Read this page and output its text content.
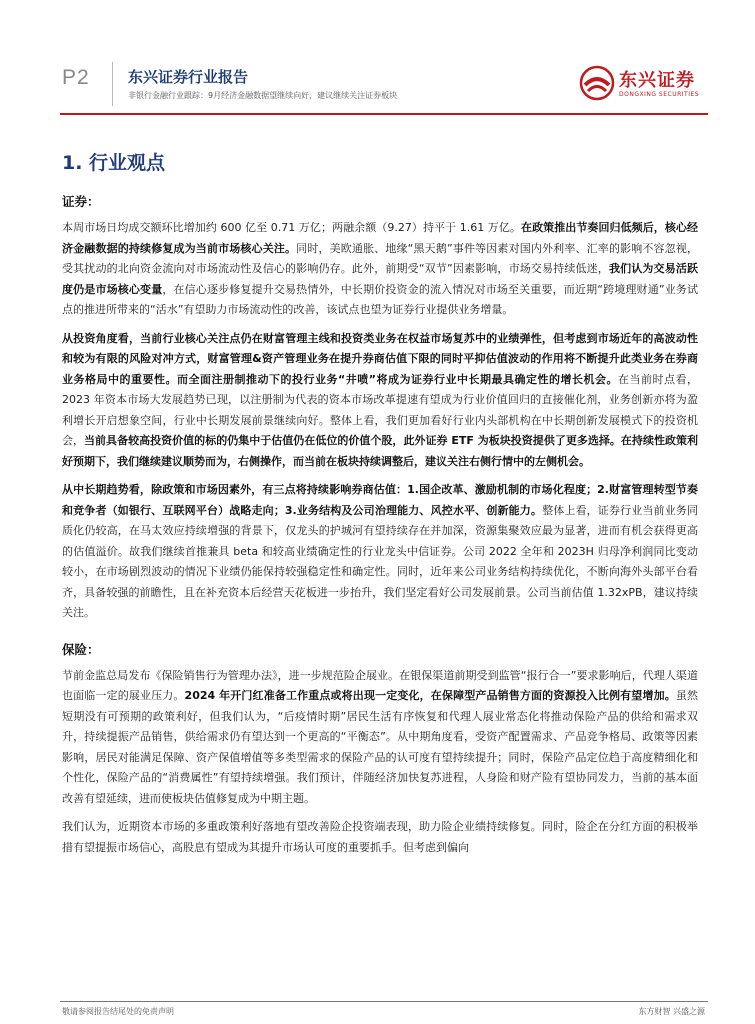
P2	东兴证券行业报告
非银行金融行业跟踪：9月经济金融数据望继续向好，建议继续关注证券板块
东兴证券
DONGXING SECURITIES
1. 行业观点
证券：

本周市场日均成交额环比增加约 600 亿至 0.71 万亿；两融余额（9.27）持平于 1.61 万亿。在政策推出节奏回归低频后，核心经济金融数据的持续修复成为当前市场核心关注。同时，美欧通胀、地缘“黑天鹅”事件等因素对国内外利率、汇率的影响不容忽视，受其扰动的北向资金流向对市场流动性及信心的影响仍存。此外，前期受“双节”因素影响，市场交易持续低迷，我们认为交易活跃度仍是市场核心变量，在信心逐步修复提升交易热情外，中长期价投资金的流入情况对市场至关重要，而近期“跨境理财通”业务试点的推进所带来的“活水”有望助力市场流动性的改善，该试点也望为证券行业提供业务增量。

从投资角度看，当前行业核心关注点仍在财富管理主线和投资类业务在权益市场复苏中的业绩弹性，但考虑到市场近年的高波动性和较为有限的风险对冲方式，财富管理&资产管理业务在提升券商估值下限的同时平抑估值波动的作用将不断提升此类业务在券商业务格局中的重要性。而全面注册制推动下的投行业务“井喷”将成为证券行业中长期最具确定性的增长机会。在当前时点看，2023 年资本市场大发展趋势已现，以注册制为代表的资本市场改革提速有望成为行业价值回归的直接催化剂，业务创新亦将为盈利增长开启想象空间，行业中长期发展前景继续向好。整体上看，我们更加看好行业内头部机构在中长期创新发展模式下的投资机会，当前具备较高投资价值的标的仍集中于估值仍在低位的价值个股，此外证券 ETF 为板块投资提供了更多选择。在持续性政策利好预期下，我们继续建议顺势而为，右侧操作，而当前在板块持续调整后，建议关注右侧行情中的左侧机会。

从中长期趋势看，除政策和市场因素外，有三点将持续影响券商估值：1.国企改革、激励机制的市场化程度；2.财富管理转型节奏和竞争者（如银行、互联网平台）战略走向；3.业务结构及公司治理能力、风控水平、创新能力。整体上看，证券行业当前业务同质化仍较高，在马太效应持续增强的背景下，仅龙头的护城河有望持续存在并加深，资源集聚效应最为显著，进而有机会获得更高的估值溢价。故我们继续首推兼具 beta 和较高业绩确定性的行业龙头中信证券。公司 2022 全年和 2023H 归母净利润同比变动较小，在市场剧烈波动的情况下业绩仍能保持较强稳定性和确定性。同时，近年来公司业务结构持续优化，不断向海外头部平台看齐，具备较强的前瞻性，且在补充资本后经营天花板进一步抬升，我们坚定看好公司发展前景。公司当前估值 1.32xPB，建议持续关注。

保险：

节前金监总局发布《保险销售行为管理办法》，进一步规范险企展业。在银保渠道前期受到监管“报行合一”要求影响后，代理人渠道也面临一定的展业压力。2024 年开门红准备工作重点或将出现一定变化，在保障型产品销售方面的资源投入比例有望增加。虽然短期没有可预期的政策利好，但我们认为，“后疫情时期”居民生活有序恢复和代理人展业常态化将推动保险产品的供给和需求双升，持续提振产品销售，供给需求仍有望达到一个更高的“平衡态”。从中期角度看，受资产配置需求、产品竞争格局、政策等因素影响，居民对能满足保障、资产保值增值等多类型需求的保险产品的认可度有望持续提升；同时，保险产品定位趋于高度精细化和个性化，保险产品的“消费属性”有望持续增强。我们预计，伴随经济加快复苏进程，人身险和财产险有望协同发力，当前的基本面改善有望延续，进而使板块估值修复成为中期主题。

我们认为，近期资本市场的多重政策利好落地有望改善险企投资端表现，助力险企业绩持续修复。同时，险企在分红方面的积极举措有望提振市场信心，高股息有望成为其提升市场认可度的重要抓手。但考虑到偏向

敬请参阅报告结尾处的免责声明	东方财智 兴盛之源
